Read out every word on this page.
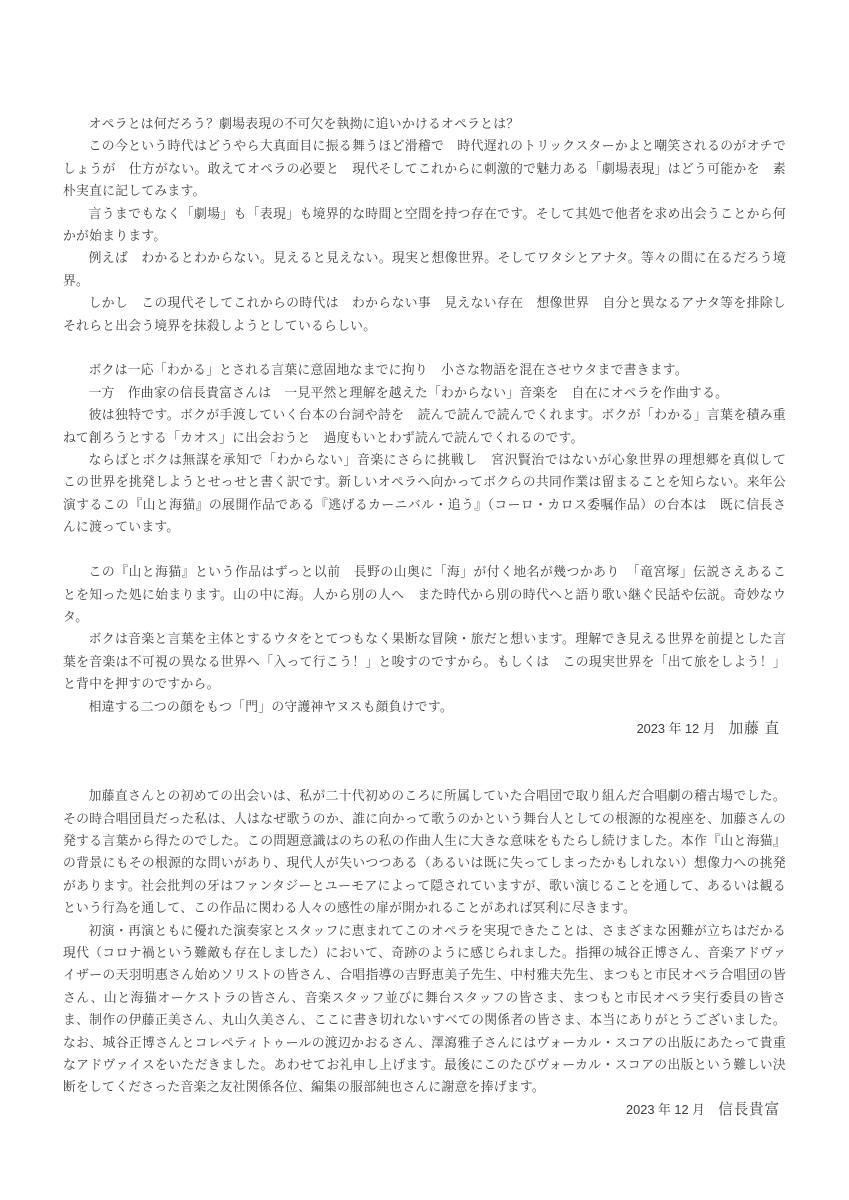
オペラとは何だろう？劇場表現の不可欠を執拗に追いかけるオペラとは？

この今という時代はどうやら大真面目に振る舞うほど滑稽で　時代遅れのトリックスターかよと嘲笑されるのがオチでしょうが　仕方がない。敢えてオペラの必要と　現代そしてこれからに刺激的で魅力ある「劇場表現」はどう可能かを　素朴実直に記してみます。

言うまでもなく「劇場」も「表現」も境界的な時間と空間を持つ存在です。そして其処で他者を求め出会うことから何かが始まります。

例えば　わかるとわからない。見えると見えない。現実と想像世界。そしてワタシとアナタ。等々の間に在るだろう境界。

しかし　この現代そしてこれからの時代は　わからない事　見えない存在　想像世界　自分と異なるアナタ等を排除し　それらと出会う境界を抹殺しようとしているらしい。

ボクは一応「わかる」とされる言葉に意固地なまでに拘り　小さな物語を混在させウタまで書きます。

一方　作曲家の信長貴富さんは　一見平然と理解を越えた「わからない」音楽を　自在にオペラを作曲する。

彼は独特です。ボクが手渡していく台本の台詞や詩を　読んで読んで読んでくれます。ボクが「わかる」言葉を積み重ねて創ろうとする「カオス」に出会おうと　過度もいとわず読んで読んでくれるのです。

ならばとボクは無謀を承知で「わからない」音楽にさらに挑戦し　宮沢賢治ではないが心象世界の理想郷を真似して　この世界を挑発しようとせっせと書く訳です。新しいオペラへ向かってボクらの共同作業は留まることを知らない。来年公演するこの『山と海猫』の展開作品である『逃げるカーニバル・追う』（コーロ・カロス委嘱作品）の台本は　既に信長さんに渡っています。

この『山と海猫』という作品はずっと以前　長野の山奥に「海」が付く地名が幾つかあり　「竜宮塚」伝説さえあることを知った処に始まります。山の中に海。人から別の人へ　また時代から別の時代へと語り歌い継ぐ民話や伝説。奇妙なウタ。

ボクは音楽と言葉を主体とするウタをとてつもなく果断な冒険・旅だと想います。理解でき見える世界を前提とした言葉を音楽は不可視の異なる世界へ「入って行こう！」と唆すのですから。もしくは　この現実世界を「出て旅をしよう！」と背中を押すのですから。

相違する二つの顔をもつ「門」の守護神ヤヌスも顔負けです。

2023 年 12 月 加藤 直

加藤直さんとの初めての出会いは、私が二十代初めのころに所属していた合唱団で取り組んだ合唱劇の稽古場でした。その時合唱団員だった私は、人はなぜ歌うのか、誰に向かって歌うのかという舞台人としての根源的な視座を、加藤さんの発する言葉から得たのでした。この問題意識はのちの私の作曲人生に大きな意味をもたらし続けました。本作『山と海猫』の背景にもその根源的な問いがあり、現代人が失いつつある（あるいは既に失ってしまったかもしれない）想像力への挑発があります。社会批判の牙はファンタジーとユーモアによって隠されていますが、歌い演じることを通して、あるいは観るという行為を通して、この作品に関わる人々の感性の扉が開かれることがあれば冥利に尽きます。

初演・再演ともに優れた演奏家とスタッフに恵まれてこのオペラを実現できたことは、さまざまな困難が立ちはだかる現代（コロナ禍という難敵も存在しました）において、奇跡のように感じられました。指揮の城谷正博さん、音楽アドヴァイザーの天羽明惠さん始めソリストの皆さん、合唱指導の吉野恵美子先生、中村雅夫先生、まつもと市民オペラ合唱団の皆さん、山と海猫オーケストラの皆さん、音楽スタッフ並びに舞台スタッフの皆さま、まつもと市民オペラ実行委員の皆さま、制作の伊藤正美さん、丸山久美さん、ここに書き切れないすべての関係者の皆さま、本当にありがとうございました。なお、城谷正博さんとコレペティトゥールの渡辺かおるさん、澤瀉雅子さんにはヴォーカル・スコアの出版にあたって貴重なアドヴァイスをいただきました。あわせてお礼申し上げます。最後にこのたびヴォーカル・スコアの出版という難しい決断をしてくださった音楽之友社関係各位、編集の服部純也さんに謝意を捧げます。

2023 年 12 月 信長貴富
